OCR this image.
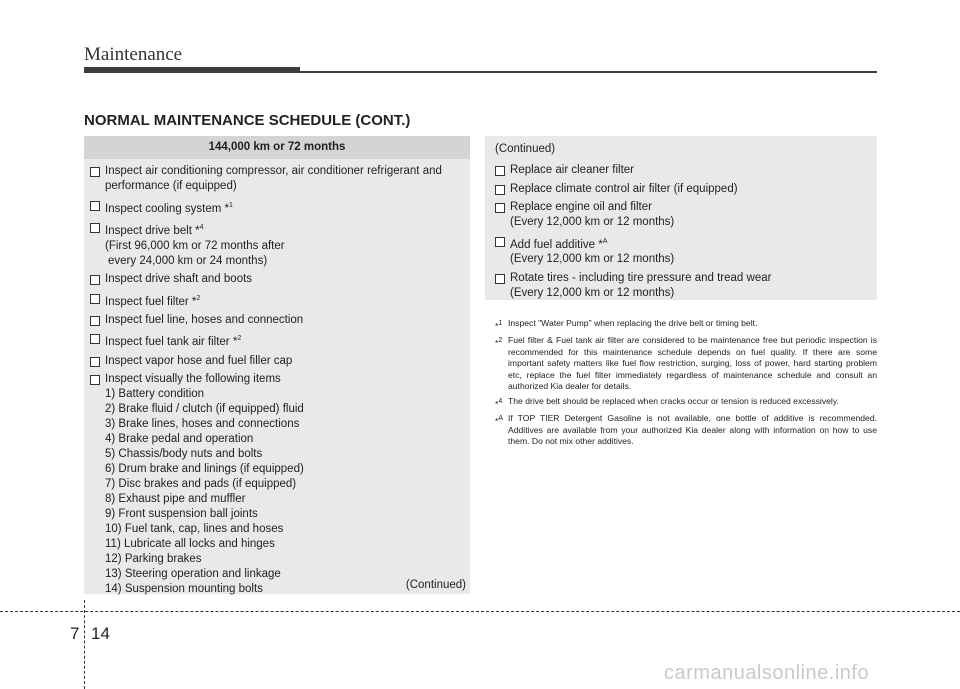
Maintenance
NORMAL MAINTENANCE SCHEDULE (CONT.)
144,000 km or 72 months
Inspect air conditioning compressor, air conditioner refrigerant and
performance (if equipped)
Inspect cooling system *$^1$
Inspect drive belt *$^4$
(First 96,000 km or 72 months after
every 24,000 km or 24 months)
Inspect drive shaft and boots
Inspect fuel filter *$^2$
Inspect fuel line, hoses and connection
Inspect fuel tank air filter *$^2$
Inspect vapor hose and fuel filler cap
Inspect visually the following items
1) Battery condition
2) Brake fluid / clutch (if equipped) fluid
3) Brake lines, hoses and connections
4) Brake pedal and operation
5) Chassis/body nuts and bolts
6) Drum brake and linings (if equipped)
7) Disc brakes and pads (if equipped)
8) Exhaust pipe and muffler
9) Front suspension ball joints
10) Fuel tank, cap, lines and hoses
11) Lubricate all locks and hinges
12) Parking brakes
13) Steering operation and linkage
14) Suspension mounting bolts	(Continued)
(Continued)
Replace air cleaner filter
Replace climate control air filter (if equipped)
Replace engine oil and filter
(Every 12,000 km or 12 months)
Add fuel additive *$^A$
(Every 12,000 km or 12 months)
Rotate tires - including tire pressure and tread wear
(Every 12,000 km or 12 months)
*$^1$ Inspect "Water Pump" when replacing the drive belt or timing belt.
*$^2$ Fuel filter & Fuel tank air filter are considered to be maintenance free but periodic inspection is recommended for this maintenance schedule depends on fuel quality. If there are some important safety matters like fuel flow restriction, surging, loss of power, hard starting problem etc, replace the fuel filter immediately regardless of maintenance schedule and consult an authorized Kia dealer for details.
*$^4$ The drive belt should be replaced when cracks occur or tension is reduced excessively.
*$^A$ If TOP TIER Detergent Gasoline is not available, one bottle of additive is recommended. Additives are available from your authorized Kia dealer along with information on how to use them. Do not mix other additives.
7 14
carmanualsonline.info
